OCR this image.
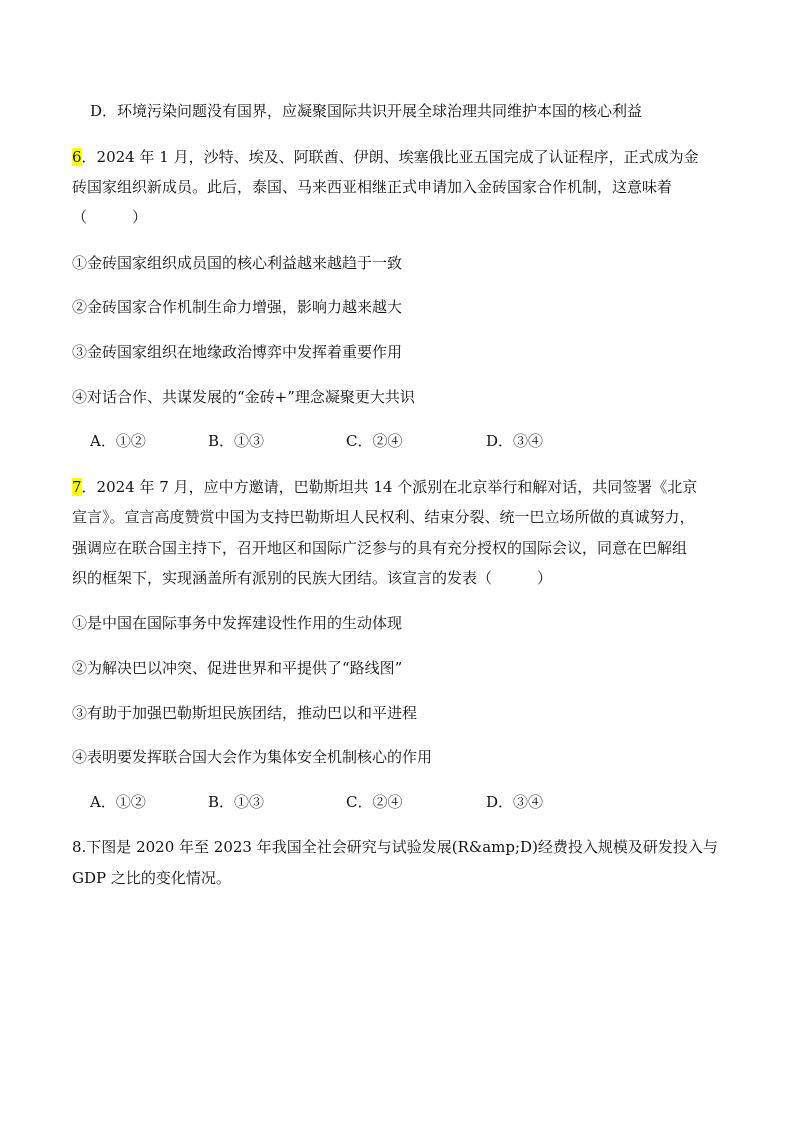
D．环境污染问题没有国界，应凝聚国际共识开展全球治理共同维护本国的核心利益
6．2024 年 1 月，沙特、埃及、阿联酋、伊朗、埃塞俄比亚五国完成了认证程序，正式成为金
砖国家组织新成员。此后，泰国、马来西亚相继正式申请加入金砖国家合作机制，这意味着
（　　　）
①金砖国家组织成员国的核心利益越来越趋于一致
②金砖国家合作机制生命力增强，影响力越来越大
③金砖国家组织在地缘政治博弈中发挥着重要作用
④对话合作、共谋发展的“金砖+”理念凝聚更大共识
A．①②	B．①③	C．②④	D．③④
7．2024 年 7 月，应中方邀请，巴勒斯坦共 14 个派别在北京举行和解对话，共同签署《北京
宣言》。宣言高度赞赏中国为支持巴勒斯坦人民权利、结束分裂、统一巴立场所做的真诚努力，
强调应在联合国主持下，召开地区和国际广泛参与的具有充分授权的国际会议，同意在巴解组
织的框架下，实现涵盖所有派别的民族大团结。该宣言的发表（　　　）
①是中国在国际事务中发挥建设性作用的生动体现
②为解决巴以冲突、促进世界和平提供了“路线图”
③有助于加强巴勒斯坦民族团结，推动巴以和平进程
④表明要发挥联合国大会作为集体安全机制核心的作用
A．①②	B．①③	C．②④	D．③④
8.下图是 2020 年至 2023 年我国全社会研究与试验发展(R&amp;D)经费投入规模及研发投入与
GDP 之比的变化情况。
